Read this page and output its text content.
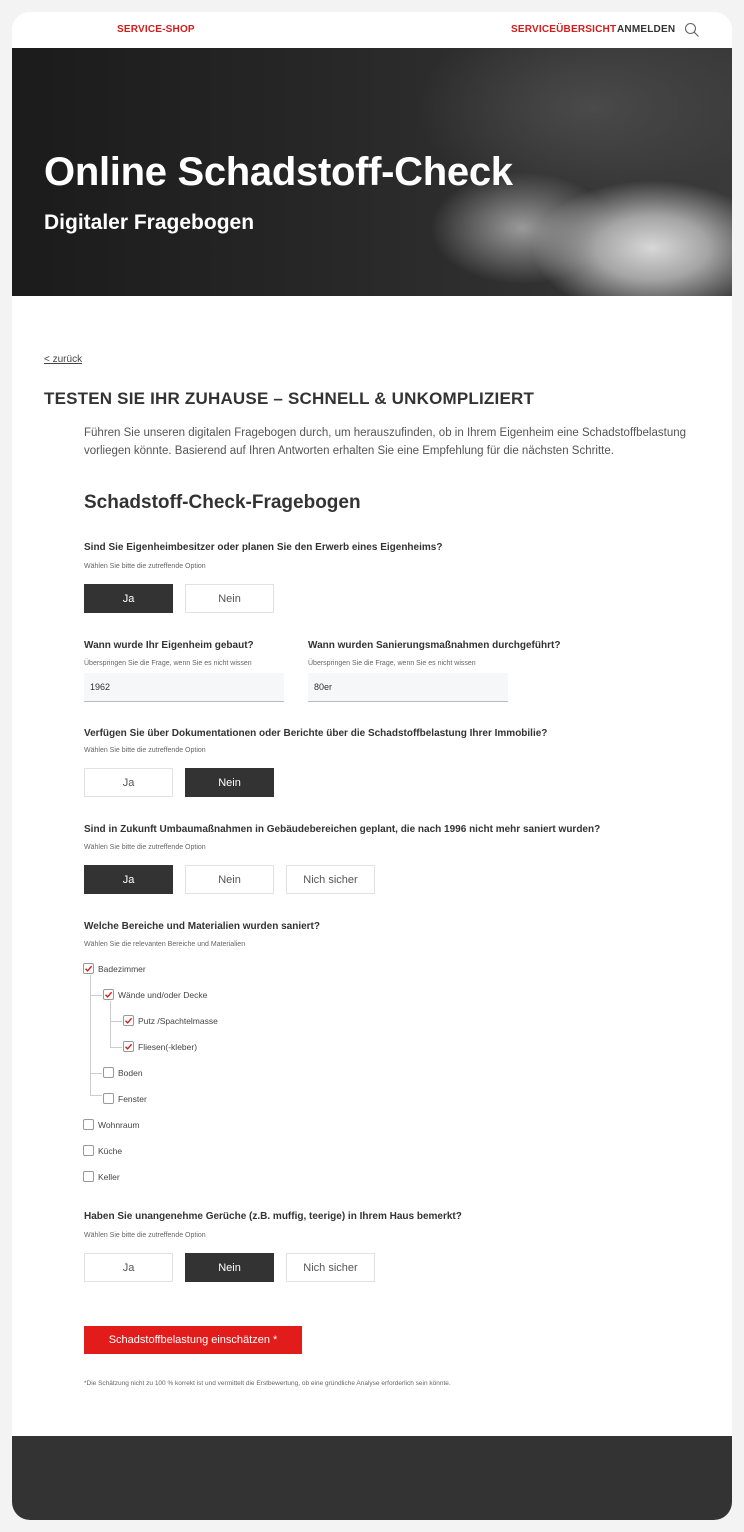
SERVICE-SHOP	SERVICEÜBERSICHT ANMELDEN
Online Schadstoff-Check
Digitaler Fragebogen
< zurück
TESTEN SIE IHR ZUHAUSE – SCHNELL & UNKOMPLIZIERT

Führen Sie unseren digitalen Fragebogen durch, um herauszufinden, ob in Ihrem Eigenheim eine Schadstoffbelastung vorliegen könnte. Basierend auf Ihren Antworten erhalten Sie eine Empfehlung für die nächsten Schritte.

Schadstoff-Check-Fragebogen
Sind Sie Eigenheimbesitzer oder planen Sie den Erwerb eines Eigenheims?
Wählen Sie bitte die zutreffende Option
Ja	Nein
Wann wurde Ihr Eigenheim gebaut?
Überspringen Sie die Frage, wenn Sie es nicht wissen
1962
Wann wurden Sanierungsmaßnahmen durchgeführt?
Überspringen Sie die Frage, wenn Sie es nicht wissen
80er
Verfügen Sie über Dokumentationen oder Berichte über die Schadstoffbelastung Ihrer Immobilie?
Wählen Sie bitte die zutreffende Option
Ja	Nein
Sind in Zukunft Umbaumaßnahmen in Gebäudebereichen geplant, die nach 1996 nicht mehr saniert wurden?
Wählen Sie bitte die zutreffende Option
Ja	Nein	Nich sicher
Welche Bereiche und Materialien wurden saniert?
Wählen Sie die relevanten Bereiche und Materialien
Badezimmer
Wände und/oder Decke
Putz /Spachtelmasse
Fliesen(-kleber)
Boden
Fenster
Wohnraum
Küche
Keller
Haben Sie unangenehme Gerüche (z.B. muffig, teerige) in Ihrem Haus bemerkt?
Wählen Sie bitte die zutreffende Option
Ja	Nein	Nich sicher
Schadstoffbelastung einschätzen *
*Die Schätzung nicht zu 100 % korrekt ist und vermittelt die Erstbewertung, ob eine gründliche Analyse erforderlich sein könnte.
